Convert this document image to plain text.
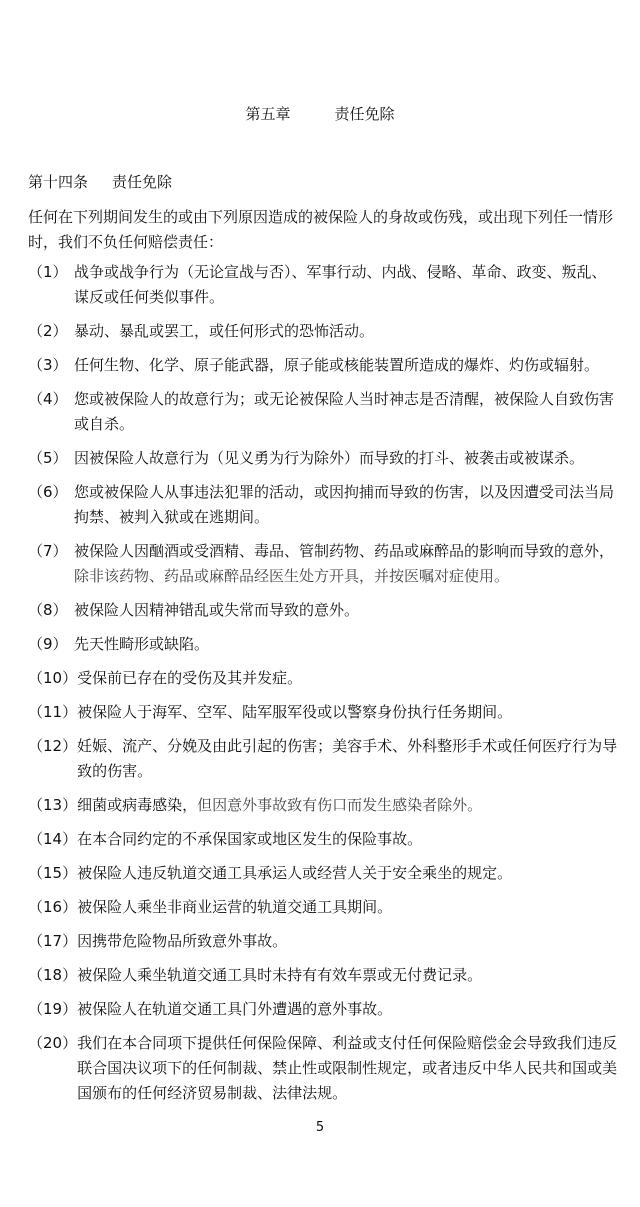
第五章	责任免除
第十四条 责任免除
任何在下列期间发生的或由下列原因造成的被保险人的身故或伤残，或出现下列任一情形时，我们不负任何赔偿责任：
（1） 战争或战争行为（无论宣战与否）、军事行动、内战、侵略、革命、政变、叛乱、谋反或任何类似事件。
（2） 暴动、暴乱或罢工，或任何形式的恐怖活动。
（3） 任何生物、化学、原子能武器，原子能或核能装置所造成的爆炸、灼伤或辐射。
（4） 您或被保险人的故意行为；或无论被保险人当时神志是否清醒，被保险人自致伤害或自杀。
（5） 因被保险人故意行为（见义勇为行为除外）而导致的打斗、被袭击或被谋杀。
（6） 您或被保险人从事违法犯罪的活动，或因拘捕而导致的伤害，以及因遭受司法当局拘禁、被判入狱或在逃期间。
（7） 被保险人因酗酒或受酒精、毒品、管制药物、药品或麻醉品的影响而导致的意外，除非该药物、药品或麻醉品经医生处方开具，并按医嘱对症使用。
（8） 被保险人因精神错乱或失常而导致的意外。
（9） 先天性畸形或缺陷。
（10） 受保前已存在的受伤及其并发症。
（11） 被保险人于海军、空军、陆军服军役或以警察身份执行任务期间。
（12） 妊娠、流产、分娩及由此引起的伤害；美容手术、外科整形手术或任何医疗行为导致的伤害。
（13） 细菌或病毒感染，但因意外事故致有伤口而发生感染者除外。
（14） 在本合同约定的不承保国家或地区发生的保险事故。
（15） 被保险人违反轨道交通工具承运人或经营人关于安全乘坐的规定。
（16） 被保险人乘坐非商业运营的轨道交通工具期间。
（17） 因携带危险物品所致意外事故。
（18） 被保险人乘坐轨道交通工具时未持有有效车票或无付费记录。
（19） 被保险人在轨道交通工具门外遭遇的意外事故。
（20） 我们在本合同项下提供任何保险保障、利益或支付任何保险赔偿金会导致我们违反联合国决议项下的任何制裁、禁止性或限制性规定，或者违反中华人民共和国或美国颁布的任何经济贸易制裁、法律法规。
5
